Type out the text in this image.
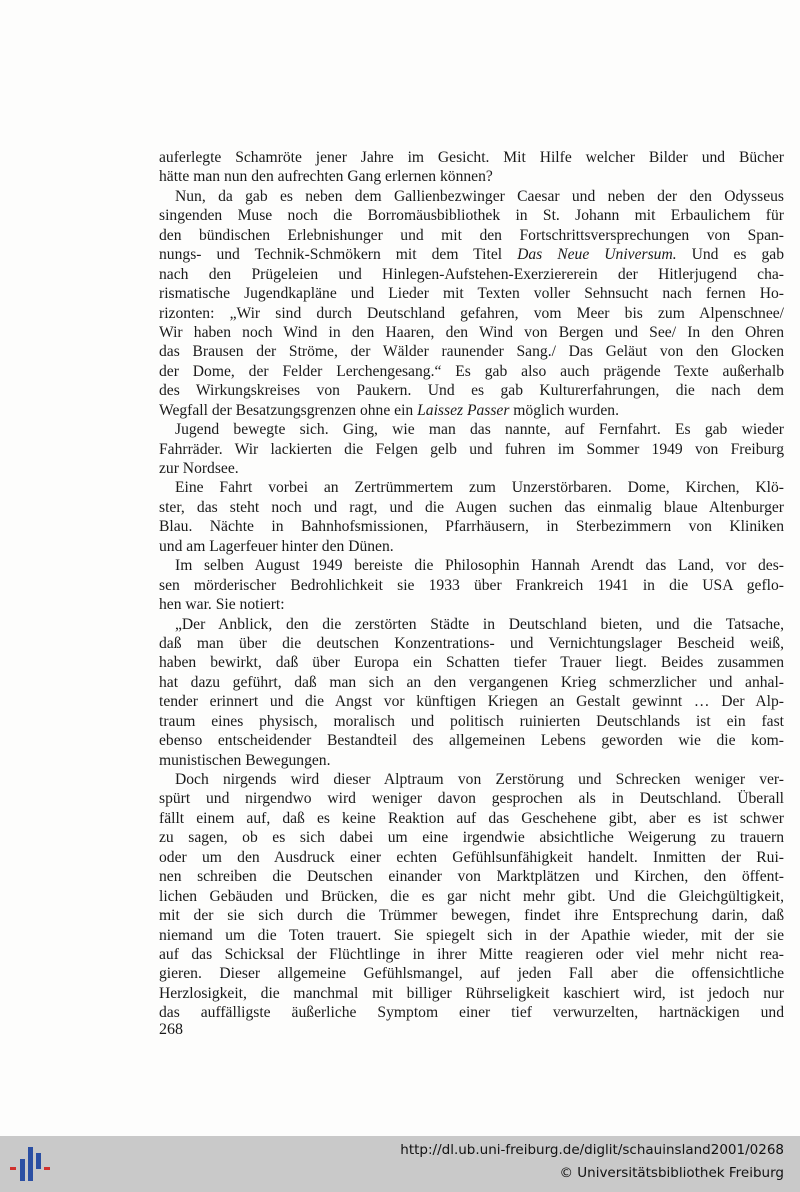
auferlegte Schamröte jener Jahre im Gesicht. Mit Hilfe welcher Bilder und Bücher
hätte man nun den aufrechten Gang erlernen können?
Nun, da gab es neben dem Gallienbezwinger Caesar und neben der den Odysseus
singenden Muse noch die Borromäusbibliothek in St. Johann mit Erbaulichem für
den bündischen Erlebnishunger und mit den Fortschrittsversprechungen von Span-
nungs- und Technik-Schmökern mit dem Titel Das Neue Universum. Und es gab
nach den Prügeleien und Hinlegen-Aufstehen-Exerziererein der Hitlerjugend cha-
rismatische Jugendkapläne und Lieder mit Texten voller Sehnsucht nach fernen Ho-
rizonten: „Wir sind durch Deutschland gefahren, vom Meer bis zum Alpenschnee/
Wir haben noch Wind in den Haaren, den Wind von Bergen und See/ In den Ohren
das Brausen der Ströme, der Wälder raunender Sang./ Das Geläut von den Glocken
der Dome, der Felder Lerchengesang.“ Es gab also auch prägende Texte außerhalb
des Wirkungskreises von Paukern. Und es gab Kulturerfahrungen, die nach dem
Wegfall der Besatzungsgrenzen ohne ein Laissez Passer möglich wurden.
Jugend bewegte sich. Ging, wie man das nannte, auf Fernfahrt. Es gab wieder
Fahrräder. Wir lackierten die Felgen gelb und fuhren im Sommer 1949 von Freiburg
zur Nordsee.
Eine Fahrt vorbei an Zertrümmertem zum Unzerstörbaren. Dome, Kirchen, Klö-
ster, das steht noch und ragt, und die Augen suchen das einmalig blaue Altenburger
Blau. Nächte in Bahnhofsmissionen, Pfarrhäusern, in Sterbezimmern von Kliniken
und am Lagerfeuer hinter den Dünen.
Im selben August 1949 bereiste die Philosophin Hannah Arendt das Land, vor des-
sen mörderischer Bedrohlichkeit sie 1933 über Frankreich 1941 in die USA geflo-
hen war. Sie notiert:
„Der Anblick, den die zerstörten Städte in Deutschland bieten, und die Tatsache,
daß man über die deutschen Konzentrations- und Vernichtungslager Bescheid weiß,
haben bewirkt, daß über Europa ein Schatten tiefer Trauer liegt. Beides zusammen
hat dazu geführt, daß man sich an den vergangenen Krieg schmerzlicher und anhal-
tender erinnert und die Angst vor künftigen Kriegen an Gestalt gewinnt … Der Alp-
traum eines physisch, moralisch und politisch ruinierten Deutschlands ist ein fast
ebenso entscheidender Bestandteil des allgemeinen Lebens geworden wie die kom-
munistischen Bewegungen.
Doch nirgends wird dieser Alptraum von Zerstörung und Schrecken weniger ver-
spürt und nirgendwo wird weniger davon gesprochen als in Deutschland. Überall
fällt einem auf, daß es keine Reaktion auf das Geschehene gibt, aber es ist schwer
zu sagen, ob es sich dabei um eine irgendwie absichtliche Weigerung zu trauern
oder um den Ausdruck einer echten Gefühlsunfähigkeit handelt. Inmitten der Rui-
nen schreiben die Deutschen einander von Marktplätzen und Kirchen, den öffent-
lichen Gebäuden und Brücken, die es gar nicht mehr gibt. Und die Gleichgültigkeit,
mit der sie sich durch die Trümmer bewegen, findet ihre Entsprechung darin, daß
niemand um die Toten trauert. Sie spiegelt sich in der Apathie wieder, mit der sie
auf das Schicksal der Flüchtlinge in ihrer Mitte reagieren oder viel mehr nicht rea-
gieren. Dieser allgemeine Gefühlsmangel, auf jeden Fall aber die offensichtliche
Herzlosigkeit, die manchmal mit billiger Rührseligkeit kaschiert wird, ist jedoch nur
das auffälligste äußerliche Symptom einer tief verwurzelten, hartnäckigen und
268
http://dl.ub.uni-freiburg.de/diglit/schauinsland2001/0268
© Universitätsbibliothek Freiburg
